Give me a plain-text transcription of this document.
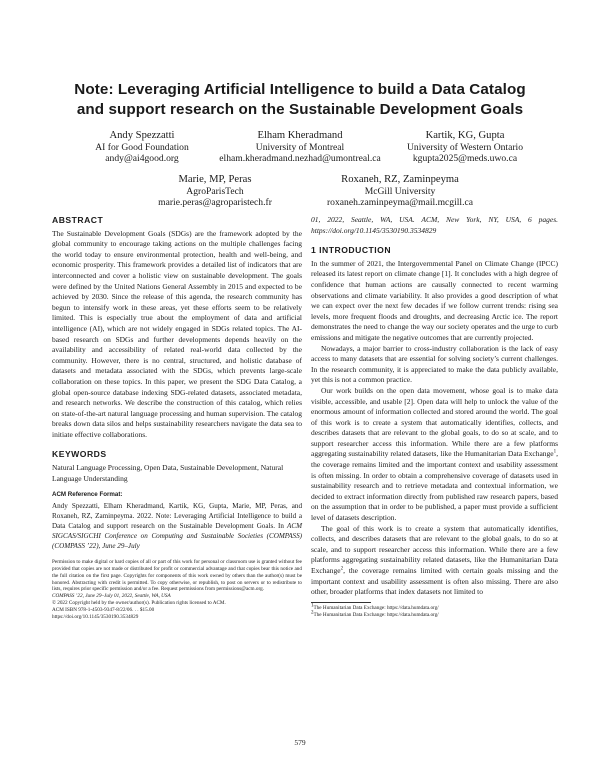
Note: Leveraging Artificial Intelligence to build a Data Catalog
and support research on the Sustainable Development Goals
Andy Spezzatti
AI for Good Foundation
andy@ai4good.org
Elham Kheradmand
University of Montreal
elham.kheradmand.nezhad@umontreal.ca
Kartik, KG, Gupta
University of Western Ontario
kgupta2025@meds.uwo.ca
Marie, MP, Peras
AgroParisTech
marie.peras@agroparistech.fr
Roxaneh, RZ, Zaminpeyma
McGill University
roxaneh.zaminpeyma@mail.mcgill.ca
ABSTRACT

The Sustainable Development Goals (SDGs) are the framework adopted by the global community to encourage taking actions on the multiple challenges facing the world today to ensure environmental protection, health and well-being, and economic prosperity. This framework provides a detailed list of indicators that are interconnected and cover a holistic view on sustainable development. The goals were defined by the United Nations General Assembly in 2015 and expected to be achieved by 2030. Since the release of this agenda, the research community has begun to intensify work in these areas, yet these efforts seem to be relatively limited. This is especially true about the employment of data and artificial intelligence (AI), which are not widely engaged in SDGs related topics. The AI-based research on SDGs and further developments depends heavily on the availability and accessibility of related real-world data collected by the community. However, there is no central, structured, and holistic database of datasets and metadata associated with the SDGs, which prevents large-scale collaboration on these topics. In this paper, we present the SDG Data Catalog, a global open-source database indexing SDG-related datasets, associated metadata, and research networks. We describe the construction of this catalog, which relies on state-of-the-art natural language processing and human supervision. The catalog breaks down data silos and helps sustainability researchers navigate the data sea to initiate effective collaborations.

KEYWORDS

Natural Language Processing, Open Data, Sustainable Development, Natural Language Understanding

ACM Reference Format:

Andy Spezzatti, Elham Kheradmand, Kartik, KG, Gupta, Marie, MP, Peras, and Roxaneh, RZ, Zaminpeyma. 2022. Note: Leveraging Artificial Intelligence to build a Data Catalog and support research on the Sustainable Development Goals. In ACM SIGCAS/SIGCHI Conference on Computing and Sustainable Societies (COMPASS) (COMPASS ’22), June 29–July

Permission to make digital or hard copies of all or part of this work for personal or classroom use is granted without fee provided that copies are not made or distributed for profit or commercial advantage and that copies bear this notice and the full citation on the first page. Copyrights for components of this work owned by others than the author(s) must be honored. Abstracting with credit is permitted. To copy otherwise, or republish, to post on servers or to redistribute to lists, requires prior specific permission and/or a fee. Request permissions from permissions@acm.org.
COMPASS ’22, June 29–July 01, 2022, Seattle, WA, USA
© 2022 Copyright held by the owner/author(s). Publication rights licensed to ACM.
ACM ISBN 978-1-4503-9347-8/22/06. . . $15.00
https://doi.org/10.1145/3530190.3534829

01, 2022, Seattle, WA, USA. ACM, New York, NY, USA, 6 pages. https://doi.org/10.1145/3530190.3534829

1 INTRODUCTION

In the summer of 2021, the Intergovernmental Panel on Climate Change (IPCC) released its latest report on climate change [1]. It concludes with a high degree of confidence that human actions are causally connected to recent warming observations and climate variability. It also provides a good description of what we can expect over the next few decades if we follow current trends: rising sea levels, more frequent floods and droughts, and decreasing Arctic ice. The report demonstrates the need to change the way our society operates and the urge to curb emissions and mitigate the negative outcomes that are currently projected.

Nowadays, a major barrier to cross-industry collaboration is the lack of easy access to many datasets that are essential for solving society’s current challenges. In the research community, it is appreciated to make the data publicly available, yet this is not a common practice.

Our work builds on the open data movement, whose goal is to make data visible, accessible, and usable [2]. Open data will help to unlock the value of the enormous amount of information collected and stored around the world. The goal of this work is to create a system that automatically identifies, collects, and describes datasets that are relevant to the global goals, to do so at scale, and to support researcher access this information. While there are a few platforms aggregating sustainability related datasets, like the Humanitarian Data Exchange$^1$, the coverage remains limited and the important context and usability assessment is often missing. In order to obtain a comprehensive coverage of datasets used in sustainability research and to retrieve metadata and contextual information, we decided to extract information directly from published raw research papers, based on the assumption that in order to be published, a paper must provide a sufficient level of datasets description.

The goal of this work is to create a system that automatically identifies, collects, and describes datasets that are relevant to the global goals, to do so at scale, and to support researcher access this information. While there are a few platforms aggregating sustainability related datasets, like the Humanitarian Data Exchange$^2$, the coverage remains limited with certain goals missing and the important context and usability assessment is often also missing. There are also other, broader platforms that index datasets not limited to

$^1$The Humanitarian Data Exchange: https://data.humdata.org/
$^2$The Humanitarian Data Exchange: https://data.humdata.org/
579
